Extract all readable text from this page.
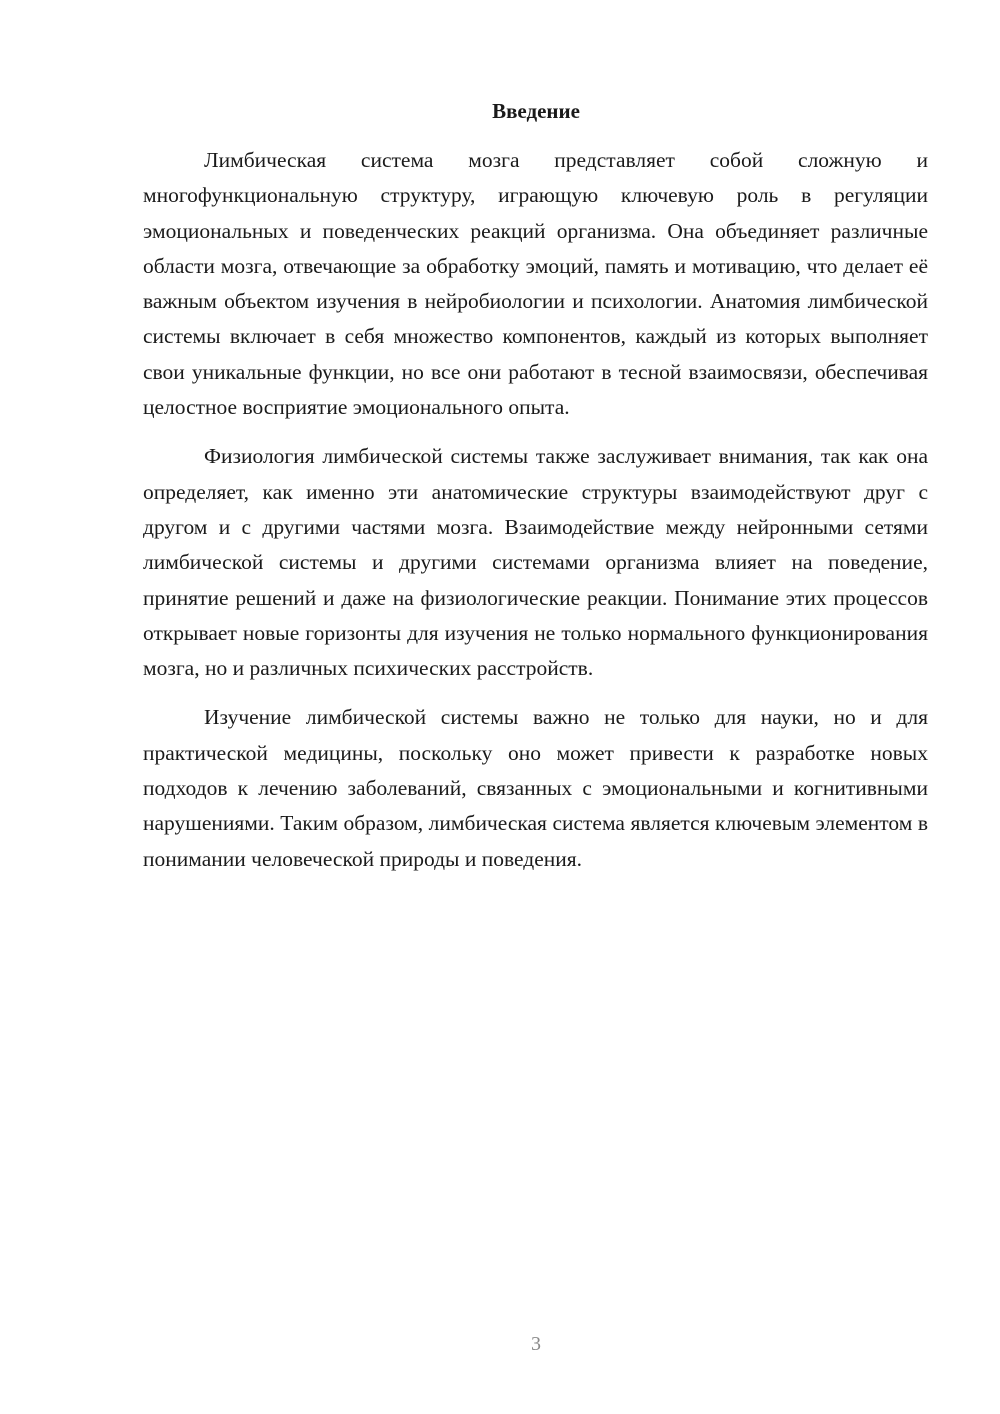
Введение

Лимбическая система мозга представляет собой сложную и многофункциональную структуру, играющую ключевую роль в регуляции эмоциональных и поведенческих реакций организма. Она объединяет различные области мозга, отвечающие за обработку эмоций, память и мотивацию, что делает её важным объектом изучения в нейробиологии и психологии. Анатомия лимбической системы включает в себя множество компонентов, каждый из которых выполняет свои уникальные функции, но все они работают в тесной взаимосвязи, обеспечивая целостное восприятие эмоционального опыта.

Физиология лимбической системы также заслуживает внимания, так как она определяет, как именно эти анатомические структуры взаимодействуют друг с другом и с другими частями мозга. Взаимодействие между нейронными сетями лимбической системы и другими системами организма влияет на поведение, принятие решений и даже на физиологические реакции. Понимание этих процессов открывает новые горизонты для изучения не только нормального функционирования мозга, но и различных психических расстройств.

Изучение лимбической системы важно не только для науки, но и для практической медицины, поскольку оно может привести к разработке новых подходов к лечению заболеваний, связанных с эмоциональными и когнитивными нарушениями. Таким образом, лимбическая система является ключевым элементом в понимании человеческой природы и поведения.

3
